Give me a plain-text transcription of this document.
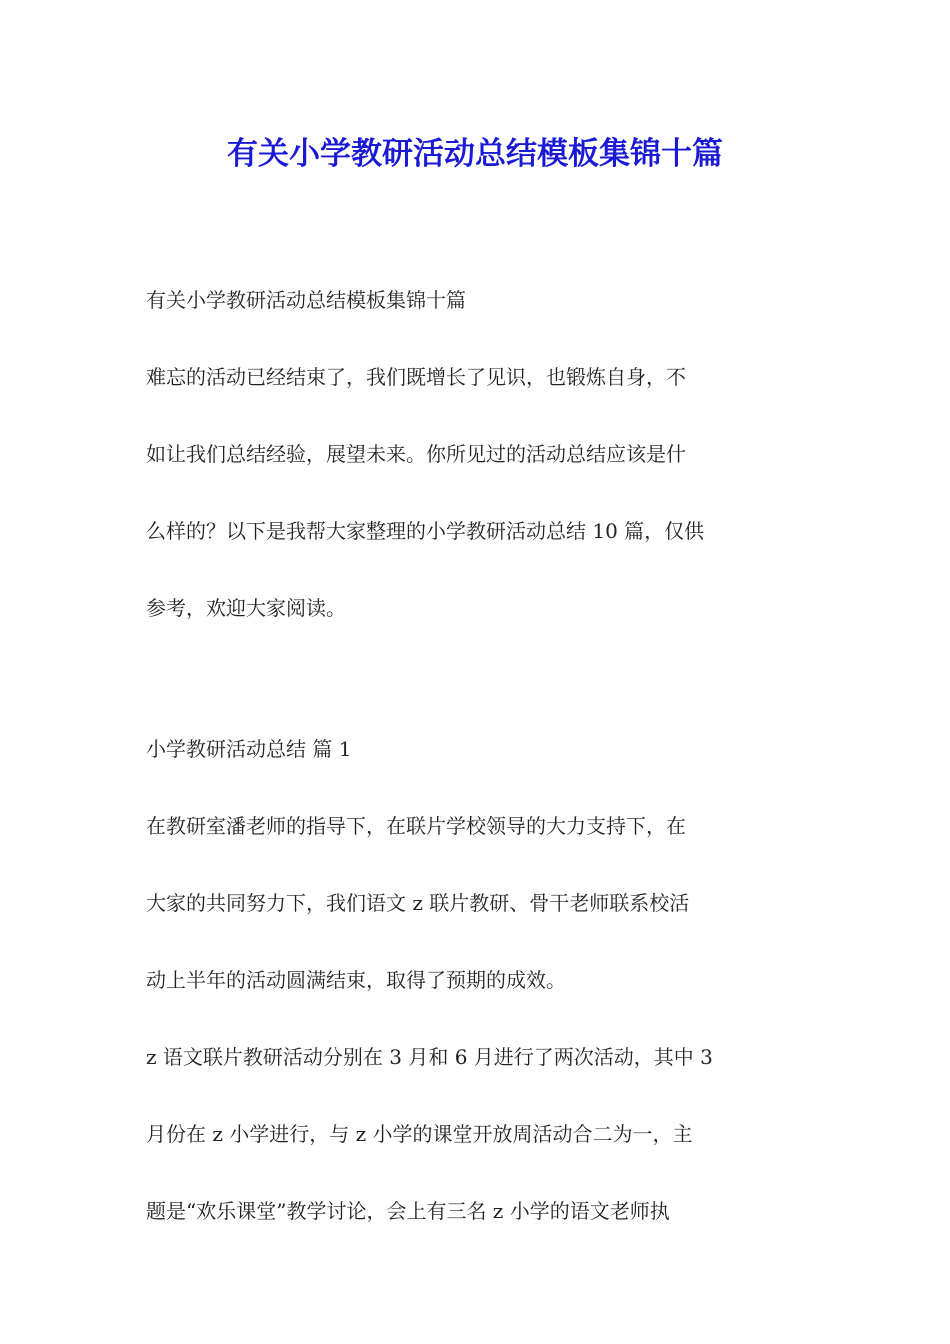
有关小学教研活动总结模板集锦十篇

有关小学教研活动总结模板集锦十篇

难忘的活动已经结束了，我们既增长了见识，也锻炼自身，不
如让我们总结经验，展望未来。你所见过的活动总结应该是什
么样的？以下是我帮大家整理的小学教研活动总结 10 篇，仅供
参考，欢迎大家阅读。

小学教研活动总结 篇 1

在教研室潘老师的指导下，在联片学校领导的大力支持下，在
大家的共同努力下，我们语文 z 联片教研、骨干老师联系校活
动上半年的活动圆满结束，取得了预期的成效。

z 语文联片教研活动分别在 3 月和 6 月进行了两次活动，其中 3
月份在 z 小学进行，与 z 小学的课堂开放周活动合二为一，主
题是“欢乐课堂”教学讨论，会上有三名 z 小学的语文老师执
